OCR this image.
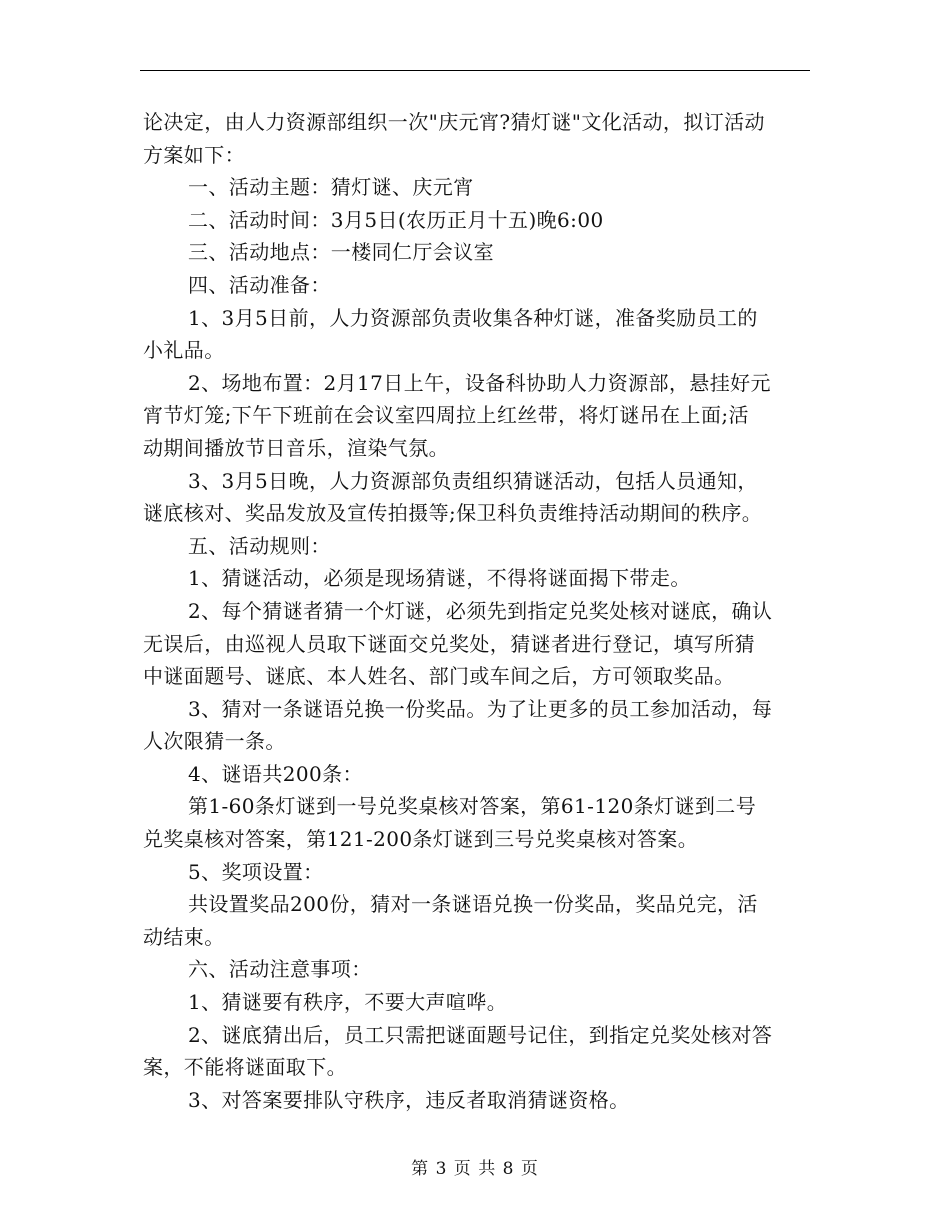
论决定，由人力资源部组织一次"庆元宵?猜灯谜"文化活动，拟订活动
方案如下：
一、活动主题：猜灯谜、庆元宵
二、活动时间：3月5日(农历正月十五)晚6:00
三、活动地点：一楼同仁厅会议室
四、活动准备：
1、3月5日前，人力资源部负责收集各种灯谜，准备奖励员工的
小礼品。
2、场地布置：2月17日上午，设备科协助人力资源部，悬挂好元
宵节灯笼;下午下班前在会议室四周拉上红丝带，将灯谜吊在上面;活
动期间播放节日音乐，渲染气氛。
3、3月5日晚，人力资源部负责组织猜谜活动，包括人员通知，
谜底核对、奖品发放及宣传拍摄等;保卫科负责维持活动期间的秩序。
五、活动规则：
1、猜谜活动，必须是现场猜谜，不得将谜面揭下带走。
2、每个猜谜者猜一个灯谜，必须先到指定兑奖处核对谜底，确认
无误后，由巡视人员取下谜面交兑奖处，猜谜者进行登记，填写所猜
中谜面题号、谜底、本人姓名、部门或车间之后，方可领取奖品。
3、猜对一条谜语兑换一份奖品。为了让更多的员工参加活动，每
人次限猜一条。
4、谜语共200条：
第1-60条灯谜到一号兑奖桌核对答案，第61-120条灯谜到二号
兑奖桌核对答案，第121-200条灯谜到三号兑奖桌核对答案。
5、奖项设置：
共设置奖品200份，猜对一条谜语兑换一份奖品，奖品兑完，活
动结束。
六、活动注意事项：
1、猜谜要有秩序，不要大声喧哗。
2、谜底猜出后，员工只需把谜面题号记住，到指定兑奖处核对答
案，不能将谜面取下。
3、对答案要排队守秩序，违反者取消猜谜资格。
第 3 页 共 8 页
